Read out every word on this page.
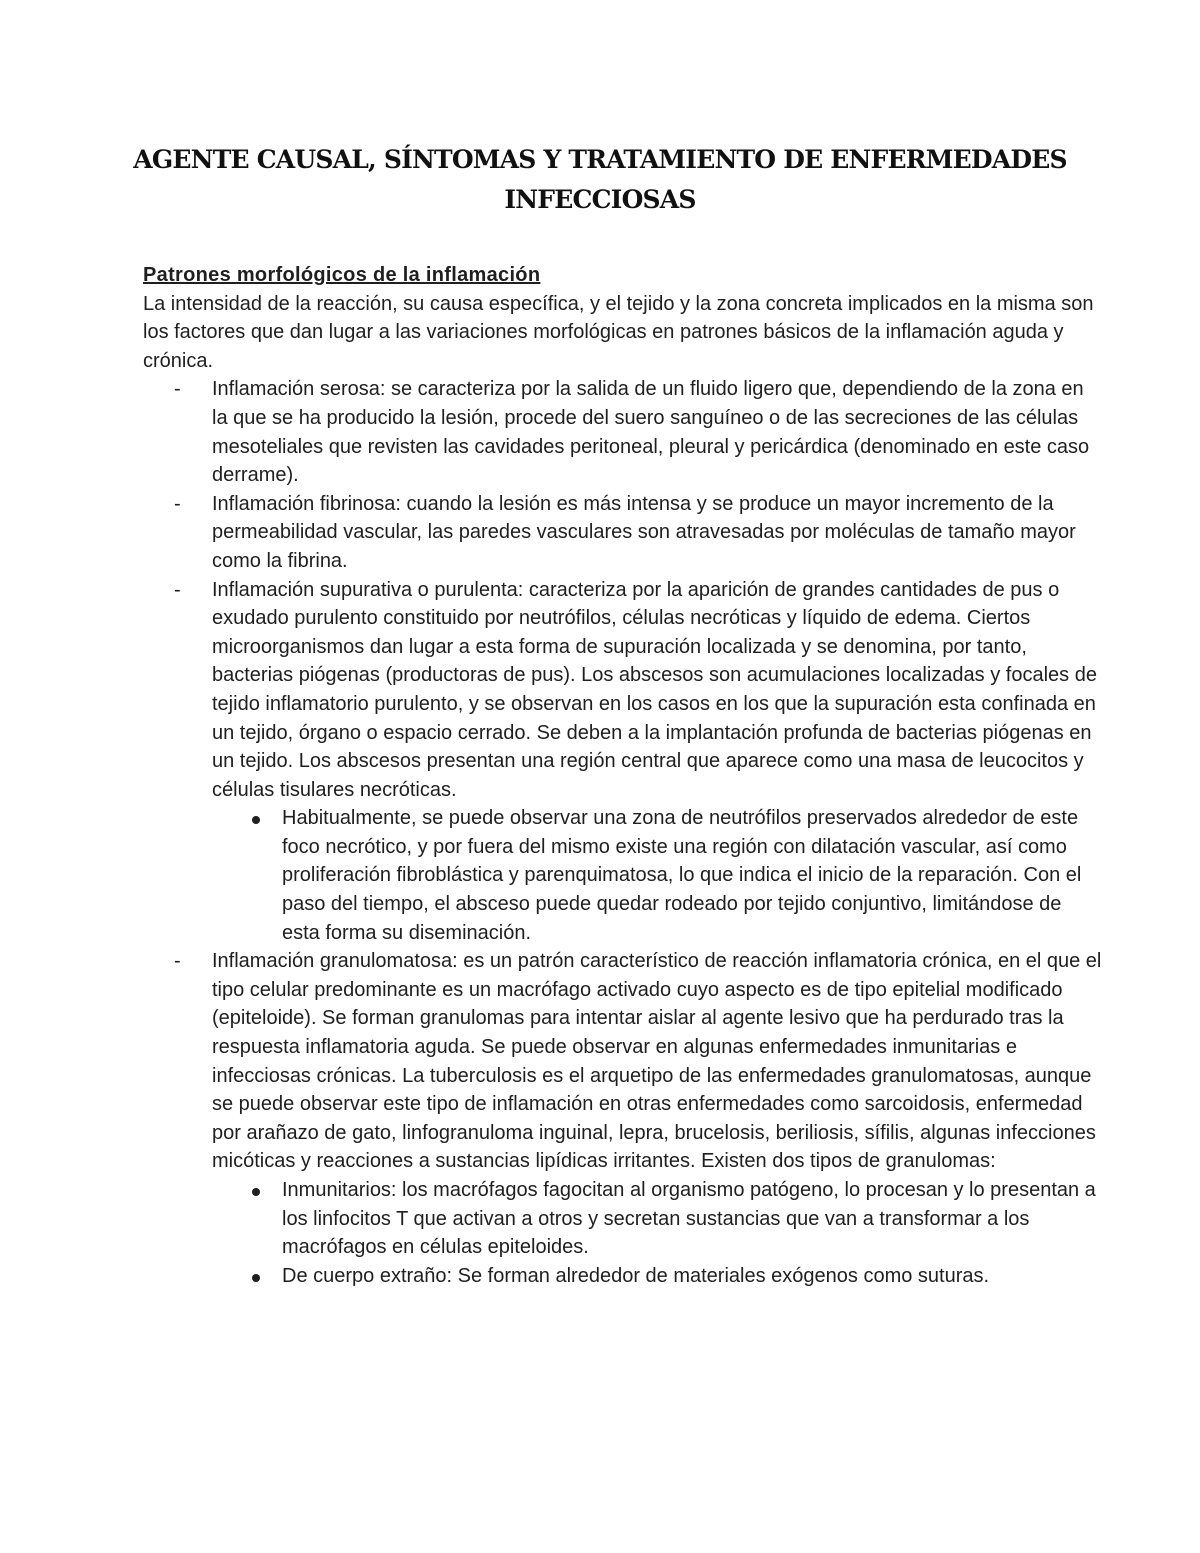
AGENTE CAUSAL, SÍNTOMAS Y TRATAMIENTO DE ENFERMEDADES INFECCIOSAS

Patrones morfológicos de la inflamación

La intensidad de la reacción, su causa específica, y el tejido y la zona concreta implicados en la misma son los factores que dan lugar a las variaciones morfológicas en patrones básicos de la inflamación aguda y crónica.

- Inflamación serosa: se caracteriza por la salida de un fluido ligero que, dependiendo de la zona en la que se ha producido la lesión, procede del suero sanguíneo o de las secreciones de las células mesoteliales que revisten las cavidades peritoneal, pleural y pericárdica (denominado en este caso derrame).
- Inflamación fibrinosa: cuando la lesión es más intensa y se produce un mayor incremento de la permeabilidad vascular, las paredes vasculares son atravesadas por moléculas de tamaño mayor como la fibrina.
- Inflamación supurativa o purulenta: caracteriza por la aparición de grandes cantidades de pus o exudado purulento constituido por neutrófilos, células necróticas y líquido de edema. Ciertos microorganismos dan lugar a esta forma de supuración localizada y se denomina, por tanto, bacterias piógenas (productoras de pus). Los abscesos son acumulaciones localizadas y focales de tejido inflamatorio purulento, y se observan en los casos en los que la supuración esta confinada en un tejido, órgano o espacio cerrado. Se deben a la implantación profunda de bacterias piógenas en un tejido. Los abscesos presentan una región central que aparece como una masa de leucocitos y células tisulares necróticas.
Habitualmente, se puede observar una zona de neutrófilos preservados alrededor de este foco necrótico, y por fuera del mismo existe una región con dilatación vascular, así como proliferación fibroblástica y parenquimatosa, lo que indica el inicio de la reparación. Con el paso del tiempo, el absceso puede quedar rodeado por tejido conjuntivo, limitándose de esta forma su diseminación.
- Inflamación granulomatosa: es un patrón característico de reacción inflamatoria crónica, en el que el tipo celular predominante es un macrófago activado cuyo aspecto es de tipo epitelial modificado (epiteloide). Se forman granulomas para intentar aislar al agente lesivo que ha perdurado tras la respuesta inflamatoria aguda. Se puede observar en algunas enfermedades inmunitarias e infecciosas crónicas. La tuberculosis es el arquetipo de las enfermedades granulomatosas, aunque se puede observar este tipo de inflamación en otras enfermedades como sarcoidosis, enfermedad por arañazo de gato, linfogranuloma inguinal, lepra, brucelosis, beriliosis, sífilis, algunas infecciones micóticas y reacciones a sustancias lipídicas irritantes. Existen dos tipos de granulomas:
Inmunitarios: los macrófagos fagocitan al organismo patógeno, lo procesan y lo presentan a los linfocitos T que activan a otros y secretan sustancias que van a transformar a los macrófagos en células epiteloides.
De cuerpo extraño: Se forman alrededor de materiales exógenos como suturas.
